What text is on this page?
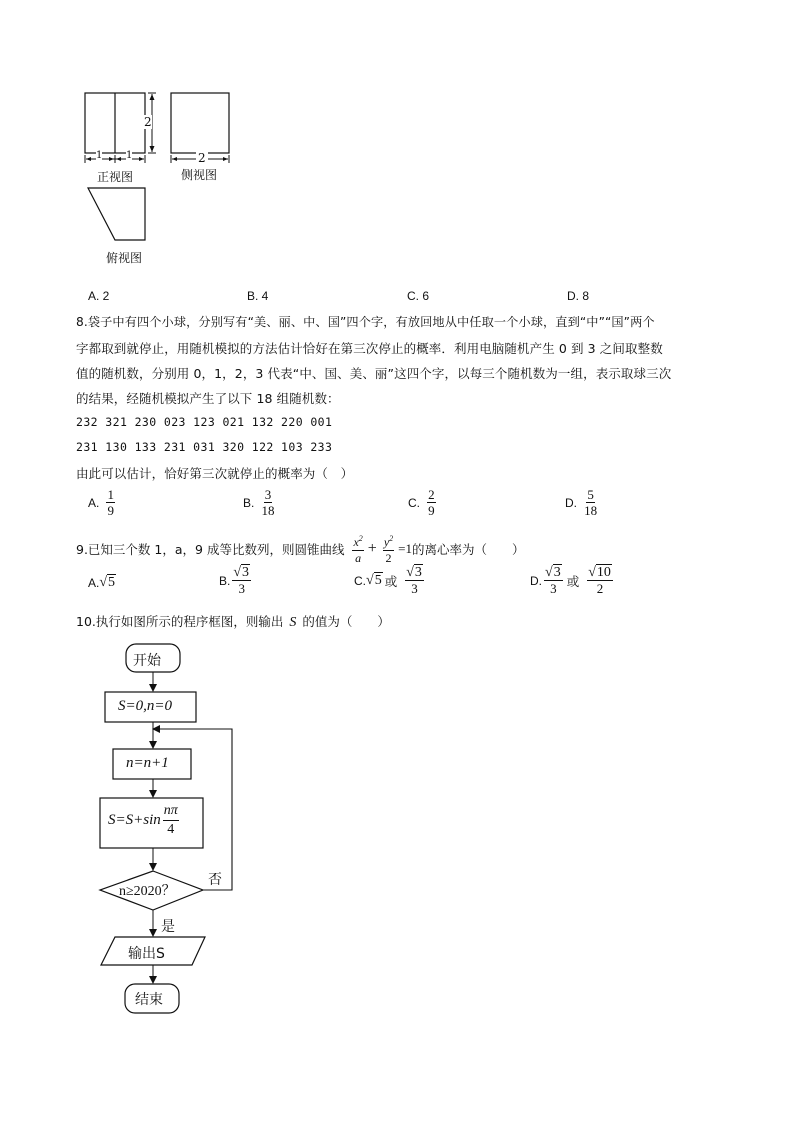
2
1 1	2
正视图	侧视图
俯视图
A. 2	B. 4	C. 6	D. 8
8.袋子中有四个小球，分别写有“美、丽、中、国”四个字，有放回地从中任取一个小球，直到“中”“国”两个
字都取到就停止，用随机模拟的方法估计恰好在第三次停止的概率．利用电脑随机产生 0 到 3 之间取整数
值的随机数，分别用 0，1，2，3 代表“中、国、美、丽”这四个字，以每三个随机数为一组，表示取球三次
的结果，经随机模拟产生了以下 18 组随机数：
232 321 230 023 123 021 132 220 001
231 130 133 231 031 320 122 103 233
由此可以估计，恰好第三次就停止的概率为（　）
A. $\frac{1}{9}$	B. $\frac{3}{18}$	C. $\frac{2}{9}$	D. $\frac{5}{18}$
9.已知三个数 1，a，9 成等比数列，则圆锥曲线 $\frac{x^2}{a} + \frac{y^2}{2} =1$ 的离心率为（　　）
A. √5	B. $\frac{√3}{3}$	C. √5 或 $\frac{√3}{3}$	D. $\frac{√3}{3}$ 或 $\frac{√10}{2}$
10.执行如图所示的程序框图，则输出 S 的值为（　　）
开始
S=0,n=0
n=n+1
$S=S+\sin \frac{n\pi}{4}$
n≥2020？
否
是
输出S
结束
